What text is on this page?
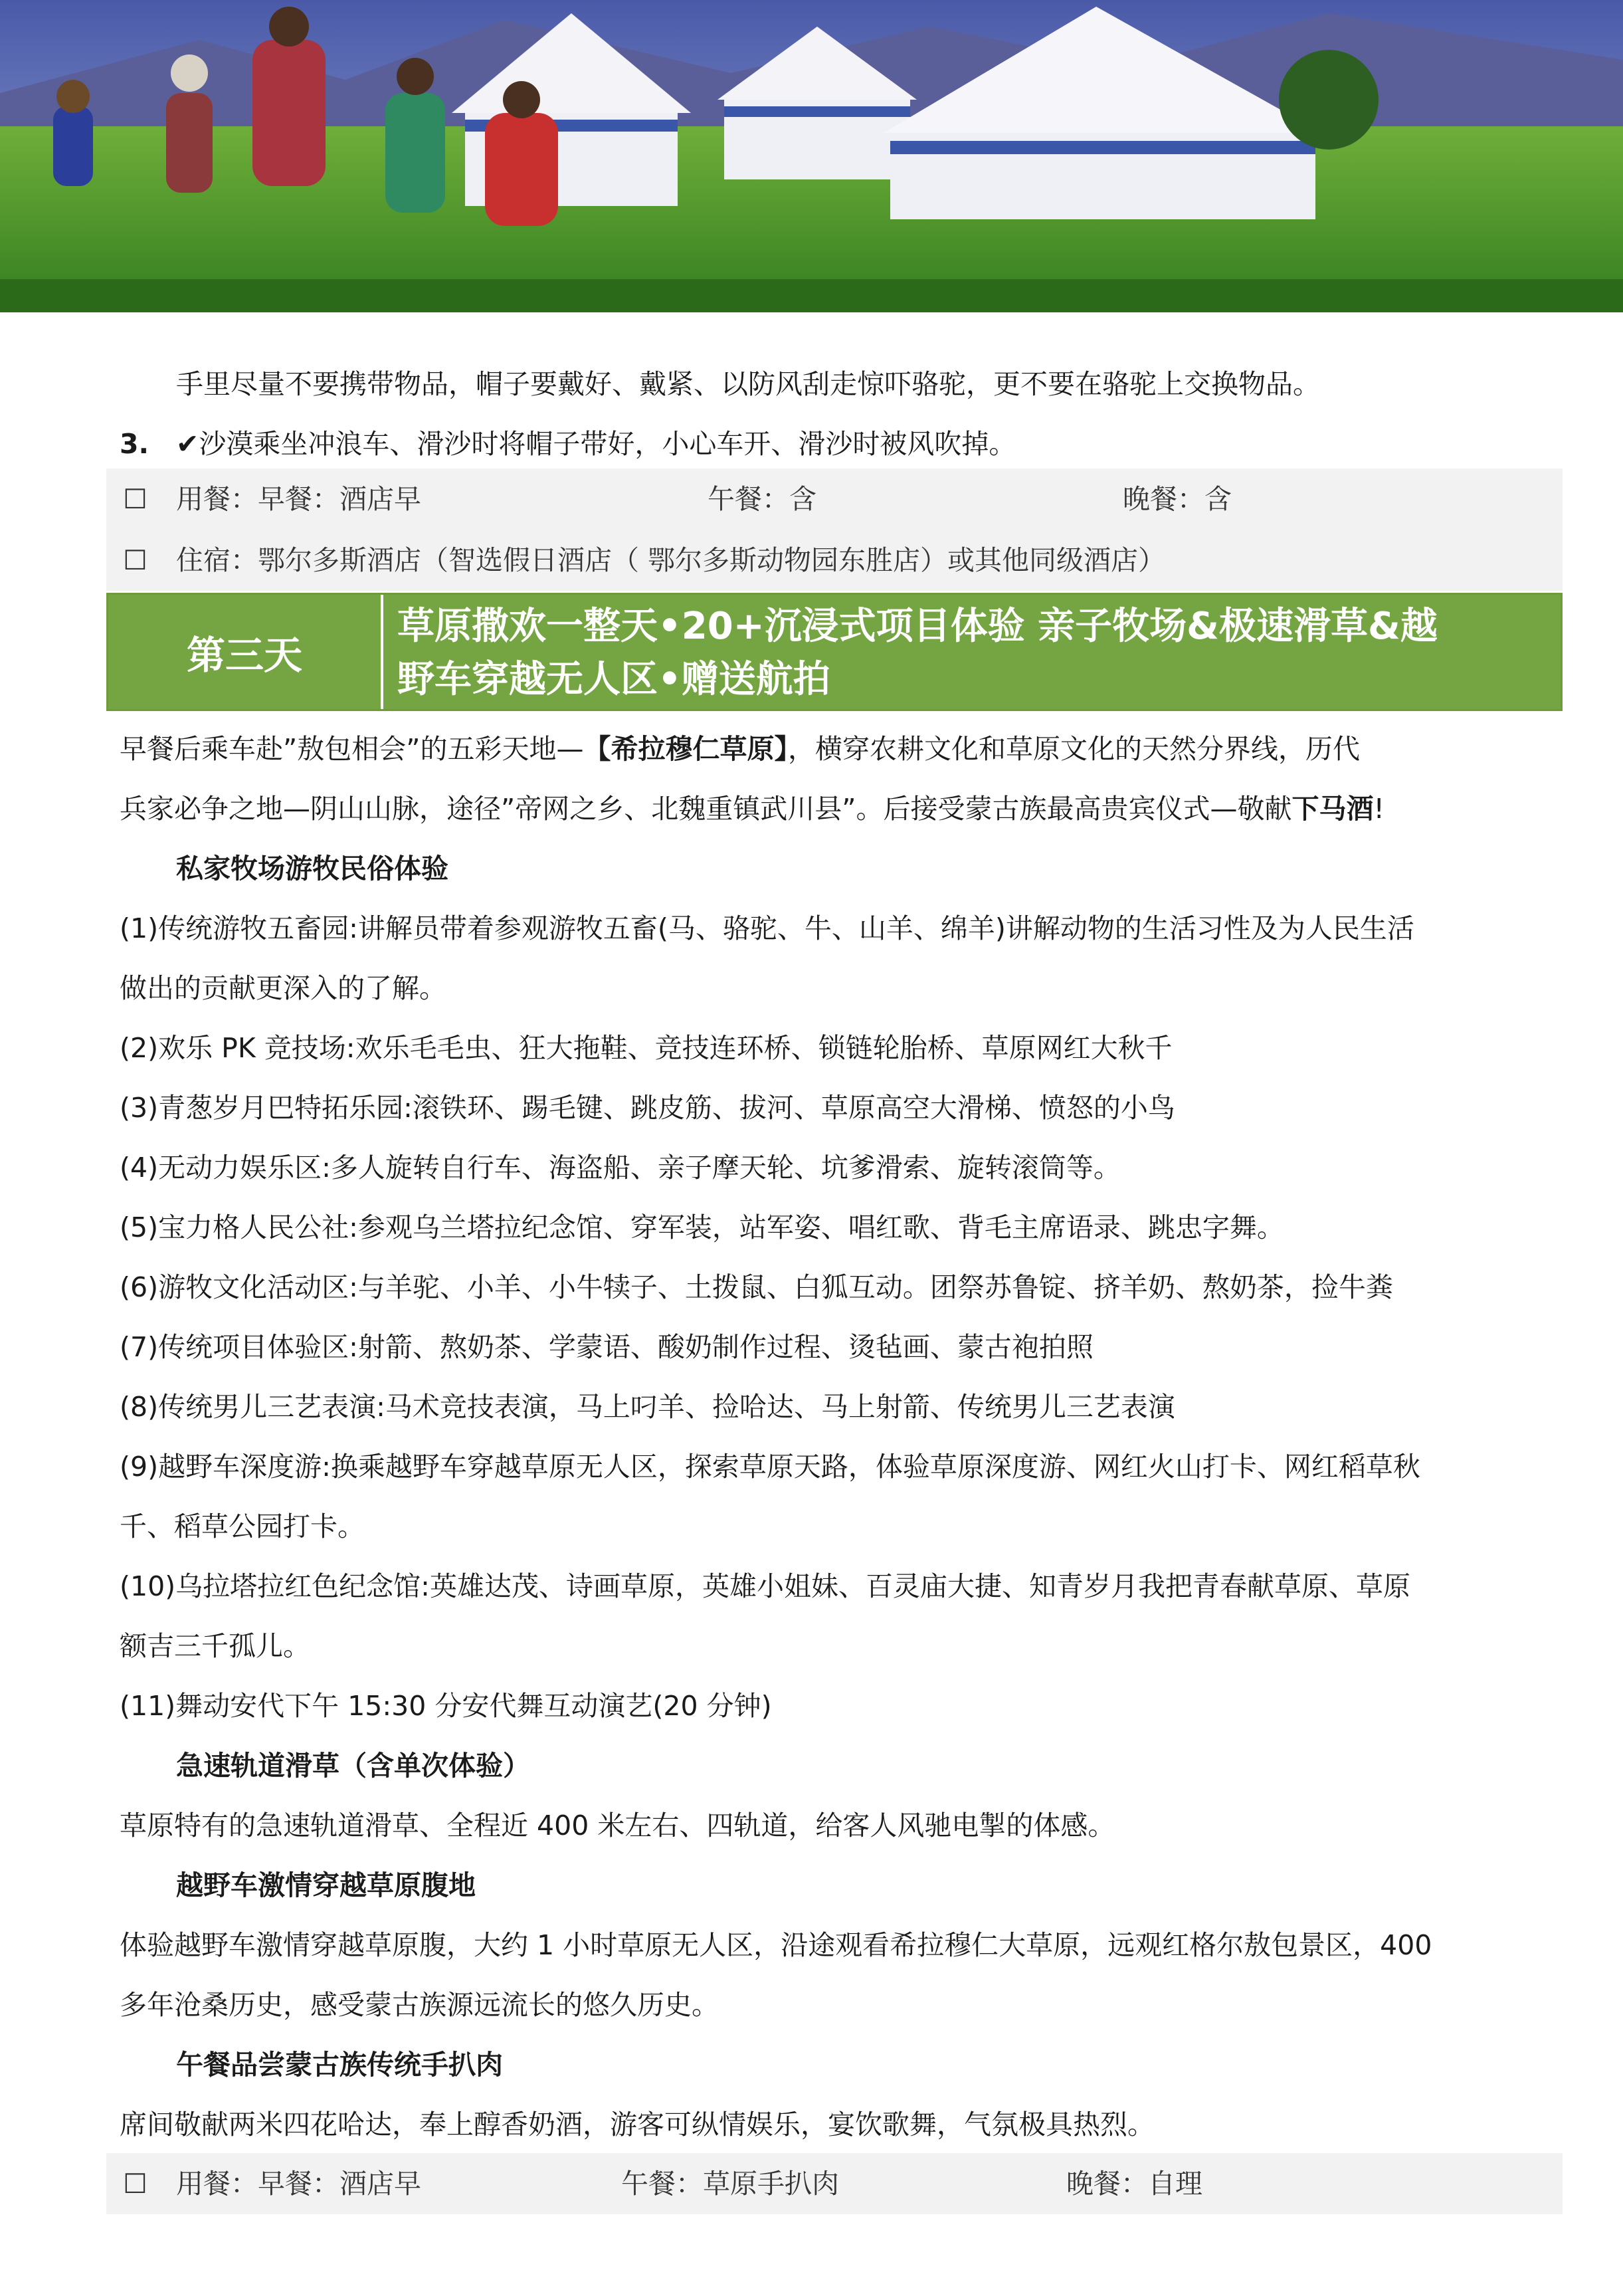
手里尽量不要携带物品，帽子要戴好、戴紧、以防风刮走惊吓骆驼，更不要在骆驼上交换物品。
3. ✔沙漠乘坐冲浪车、滑沙时将帽子带好，小心车开、滑沙时被风吹掉。
☐ 用餐：早餐：酒店早	午餐：含	晚餐：含
☐ 住宿：鄂尔多斯酒店（智选假日酒店（ 鄂尔多斯动物园东胜店）或其他同级酒店）
第三天
草原撒欢一整天•20+沉浸式项目体验 亲子牧场&极速滑草&越
野车穿越无人区•赠送航拍
早餐后乘车赴”敖包相会”的五彩天地—【希拉穆仁草原】，横穿农耕文化和草原文化的天然分界线，历代
兵家必争之地—阴山山脉，途径”帝网之乡、北魏重镇武川县”。后接受蒙古族最高贵宾仪式—敬献下马酒!
私家牧场游牧民俗体验
(1)传统游牧五畜园:讲解员带着参观游牧五畜(马、骆驼、牛、山羊、绵羊)讲解动物的生活习性及为人民生活
做出的贡献更深入的了解。
(2)欢乐 PK 竞技场:欢乐毛毛虫、狂大拖鞋、竞技连环桥、锁链轮胎桥、草原网红大秋千
(3)青葱岁月巴特拓乐园:滚铁环、踢毛键、跳皮筋、拔河、草原高空大滑梯、愤怒的小鸟
(4)无动力娱乐区:多人旋转自行车、海盗船、亲子摩天轮、坑爹滑索、旋转滚筒等。
(5)宝力格人民公社:参观乌兰塔拉纪念馆、穿军装，站军姿、唱红歌、背毛主席语录、跳忠字舞。
(6)游牧文化活动区:与羊驼、小羊、小牛犊子、土拨鼠、白狐互动。团祭苏鲁锭、挤羊奶、熬奶茶，捡牛粪
(7)传统项目体验区:射箭、熬奶茶、学蒙语、酸奶制作过程、烫毡画、蒙古袍拍照
(8)传统男儿三艺表演:马术竞技表演，马上叼羊、捡哈达、马上射箭、传统男儿三艺表演
(9)越野车深度游:换乘越野车穿越草原无人区，探索草原天路，体验草原深度游、网红火山打卡、网红稻草秋
千、稻草公园打卡。
(10)乌拉塔拉红色纪念馆:英雄达茂、诗画草原，英雄小姐妹、百灵庙大捷、知青岁月我把青春献草原、草原
额吉三千孤儿。
(11)舞动安代下午 15:30 分安代舞互动演艺(20 分钟)
急速轨道滑草（含单次体验）
草原特有的急速轨道滑草、全程近 400 米左右、四轨道，给客人风驰电掣的体感。
越野车激情穿越草原腹地
体验越野车激情穿越草原腹，大约 1 小时草原无人区，沿途观看希拉穆仁大草原，远观红格尔敖包景区，400
多年沧桑历史，感受蒙古族源远流长的悠久历史。
午餐品尝蒙古族传统手扒肉
席间敬献两米四花哈达，奉上醇香奶酒，游客可纵情娱乐，宴饮歌舞，气氛极具热烈。
☐ 用餐：早餐：酒店早	午餐：草原手扒肉	晚餐：自理
